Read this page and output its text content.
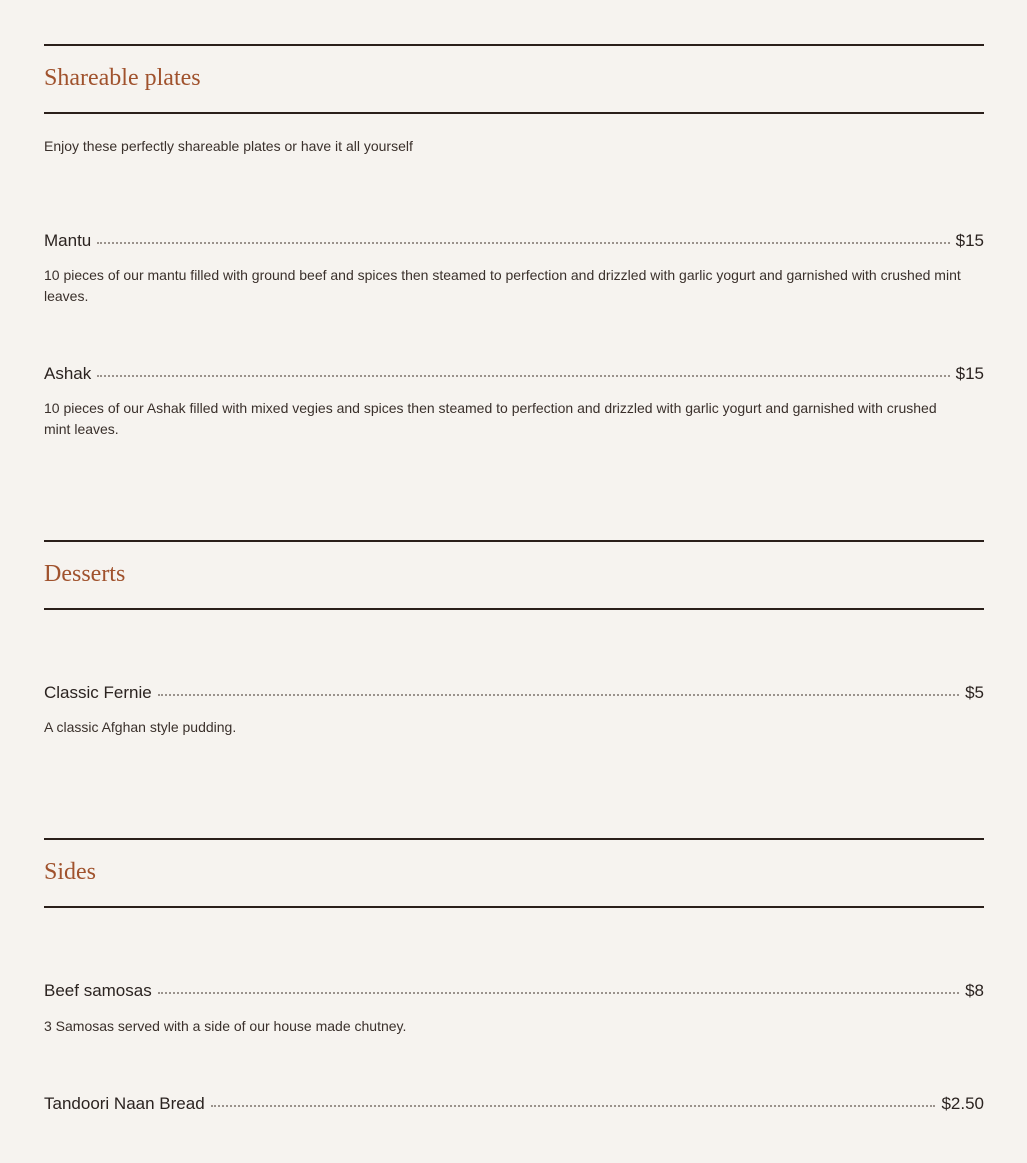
Shareable plates

Enjoy these perfectly shareable plates or have it all yourself

Mantu	$15

10 pieces of our mantu filled with ground beef and spices then steamed to perfection and drizzled with garlic yogurt and garnished with crushed mint leaves.

Ashak	$15

10 pieces of our Ashak filled with mixed vegies and spices then steamed to perfection and drizzled with garlic yogurt and garnished with crushed mint leaves.

Desserts
Classic Fernie	$5

A classic Afghan style pudding.

Sides
Beef samosas	$8

3 Samosas served with a side of our house made chutney.

Tandoori Naan Bread	$2.50
